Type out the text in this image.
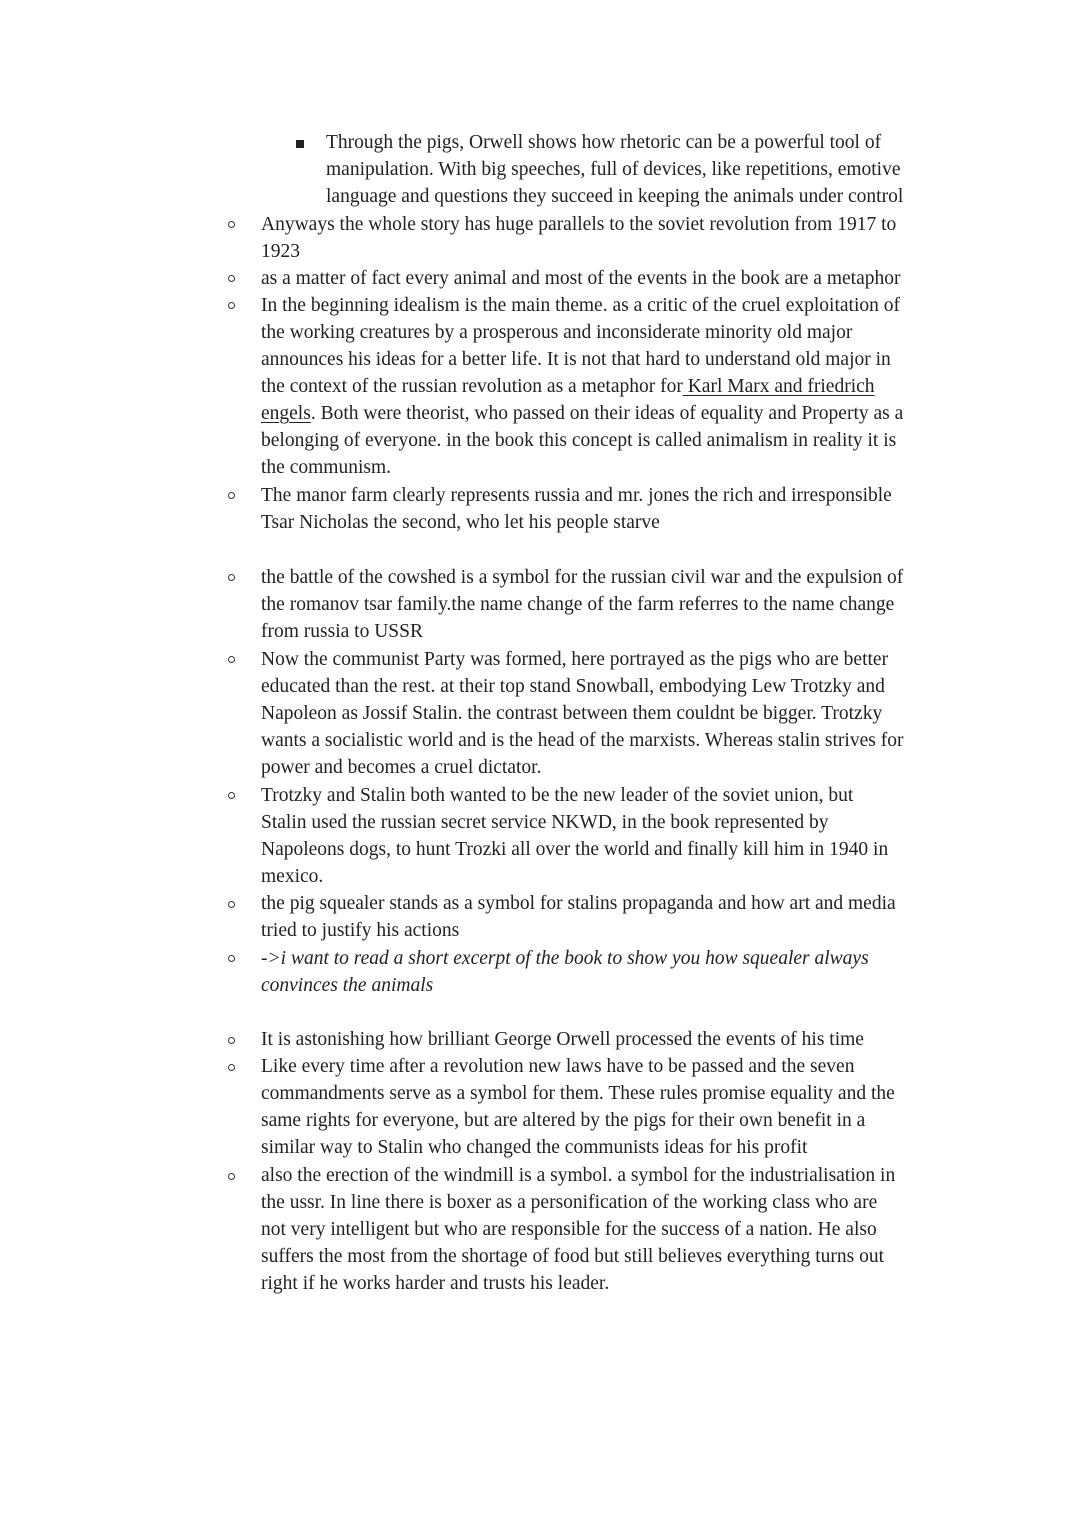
Through the pigs, Orwell shows how rhetoric can be a powerful tool of
manipulation. With big speeches, full of devices, like repetitions, emotive
language and questions they succeed in keeping the animals under control
Anyways the whole story has huge parallels to the soviet revolution from 1917 to
1923
as a matter of fact every animal and most of the events in the book are a metaphor
In the beginning idealism is the main theme. as a critic of the cruel exploitation of
the working creatures by a prosperous and inconsiderate minority old major
announces his ideas for a better life. It is not that hard to understand old major in
the context of the russian revolution as a metaphor for Karl Marx and friedrich
engels. Both were theorist, who passed on their ideas of equality and Property as a
belonging of everyone. in the book this concept is called animalism in reality it is
the communism.
The manor farm clearly represents russia and mr. jones the rich and irresponsible
Tsar Nicholas the second, who let his people starve
the battle of the cowshed is a symbol for the russian civil war and the expulsion of
the romanov tsar family.the name change of the farm referres to the name change
from russia to USSR
Now the communist Party was formed, here portrayed as the pigs who are better
educated than the rest. at their top stand Snowball, embodying Lew Trotzky and
Napoleon as Jossif Stalin. the contrast between them couldnt be bigger. Trotzky
wants a socialistic world and is the head of the marxists. Whereas stalin strives for
power and becomes a cruel dictator.
Trotzky and Stalin both wanted to be the new leader of the soviet union, but
Stalin used the russian secret service NKWD, in the book represented by
Napoleons dogs, to hunt Trozki all over the world and finally kill him in 1940 in
mexico.
the pig squealer stands as a symbol for stalins propaganda and how art and media
tried to justify his actions
->i want to read a short excerpt of the book to show you how squealer always
convinces the animals
It is astonishing how brilliant George Orwell processed the events of his time
Like every time after a revolution new laws have to be passed and the seven
commandments serve as a symbol for them. These rules promise equality and the
same rights for everyone, but are altered by the pigs for their own benefit in a
similar way to Stalin who changed the communists ideas for his profit
also the erection of the windmill is a symbol. a symbol for the industrialisation in
the ussr. In line there is boxer as a personification of the working class who are
not very intelligent but who are responsible for the success of a nation. He also
suffers the most from the shortage of food but still believes everything turns out
right if he works harder and trusts his leader.
